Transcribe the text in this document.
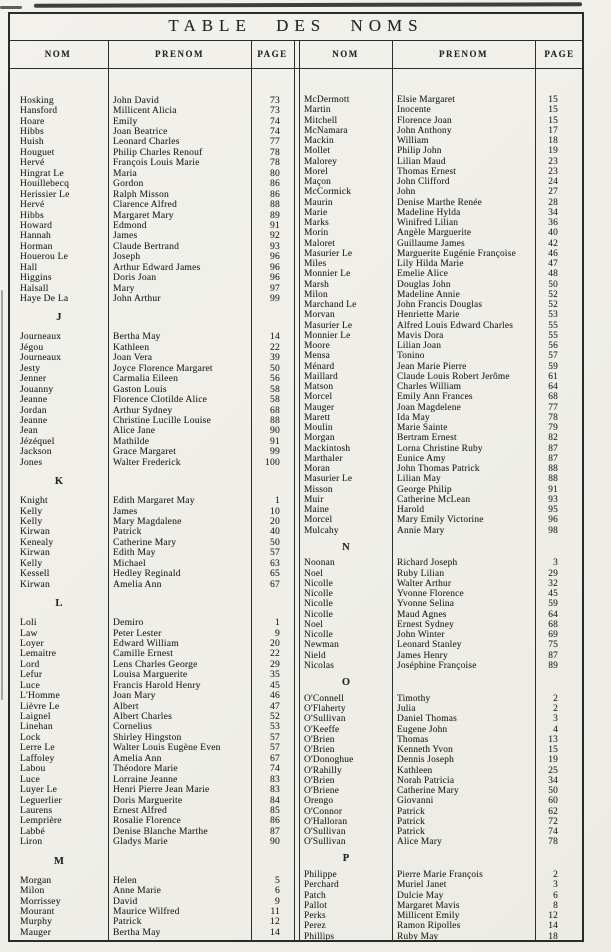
TABLE DES NOMS
NOM	PRENOM	PAGE	NOM	PRENOM	PAGE
Hosking	John David	73
Hansford	Millicent Alicia	73
Hoare	Emily	74
Hibbs	Joan Beatrice	74
Huish	Leonard Charles	77
Houguet	Philip Charles Renouf	78
Hervé	François Louis Marie	78
Hingrat Le	Maria	80
Houillebecq	Gordon	86
Herissier Le	Ralph Misson	86
Hervé	Clarence Alfred	88
Hibbs	Margaret Mary	89
Howard	Edmond	91
Hannah	James	92
Horman	Claude Bertrand	93
Houerou Le	Joseph	96
Hall	Arthur Edward James	96
Higgins	Doris Joan	96
Halsall	Mary	97
Haye De La	John Arthur	99
J
Journeaux	Bertha May	14
Jégou	Kathleen	22
Journeaux	Joan Vera	39
Jesty	Joyce Florence Margaret	50
Jenner	Carmalia Eileen	56
Jouanny	Gaston Louis	58
Jeanne	Florence Clotilde Alice	58
Jordan	Arthur Sydney	68
Jeanne	Christine Lucille Louise	88
Jean	Alice Jane	90
Jézéquel	Mathilde	91
Jackson	Grace Margaret	99
Jones	Walter Frederick	100
K
Knight	Edith Margaret May	1
Kelly	James	10
Kelly	Mary Magdalene	20
Kirwan	Patrick	40
Kenealy	Catherine Mary	50
Kirwan	Edith May	57
Kelly	Michael	63
Kessell	Hedley Reginald	65
Kirwan	Amelia Ann	67
L
Loli	Demiro	1
Law	Peter Lester	9
Loyer	Edward William	20
Lemaitre	Camille Ernest	22
Lord	Lens Charles George	29
Lefur	Louisa Marguerite	35
Luce	Francis Harold Henry	45
L'Homme	Joan Mary	46
Lièvre Le	Albert	47
Laignel	Albert Charles	52
Linehan	Cornelius	53
Lock	Shirley Hingston	57
Lerre Le	Walter Louis Eugène Even	57
Laffoley	Amelia Ann	67
Labou	Théodore Marie	74
Luce	Lorraine Jeanne	83
Luyer Le	Henri Pierre Jean Marie	83
Leguerlier	Doris Marguerite	84
Laurens	Ernest Alfred	85
Lemprière	Rosalie Florence	86
Labbé	Denise Blanche Marthe	87
Liron	Gladys Marie	90
M
Morgan	Helen	5
Milon	Anne Marie	6
Morrissey	David	9
Mourant	Maurice Wilfred	11
Murphy	Patrick	12
Mauger	Bertha May	14
McDermott	Elsie Margaret	15
Martin	Inocente	15
Mitchell	Florence Joan	15
McNamara	John Anthony	17
Mackin	William	18
Mollet	Philip John	19
Malorey	Lilian Maud	23
Morel	Thomas Ernest	23
Maçon	John Clifford	24
McCormick	John	27
Maurin	Denise Marthe Renée	28
Marie	Madeline Hylda	34
Marks	Winifred Lilian	36
Morin	Angèle Marguerite	40
Maloret	Guillaume James	42
Masurier Le	Marguerite Eugénie Françoise	46
Miles	Lily Hilda Marie	47
Monnier Le	Emelie Alice	48
Marsh	Douglas John	50
Milon	Madeline Annie	52
Marchand Le	John Francis Douglas	52
Morvan	Henriette Marie	53
Masurier Le	Alfred Louis Edward Charles	55
Monnier Le	Mavis Dora	55
Moore	Lilian Joan	56
Mensa	Tonino	57
Ménard	Jean Marie Pierre	59
Maillard	Claude Louis Robert Jerôme	61
Matson	Charles William	64
Morcel	Emily Ann Frances	68
Mauger	Joan Magdelene	77
Marett	Ida May	78
Moulin	Marie Sainte	79
Morgan	Bertram Ernest	82
Mackintosh	Lorna Christine Ruby	87
Marthaler	Eunice Amy	87
Moran	John Thomas Patrick	88
Masurier Le	Lilian May	88
Misson	George Philip	91
Muir	Catherine McLean	93
Maine	Harold	95
Morcel	Mary Emily Victorine	96
Mulcahy	Annie Mary	98
N
Noonan	Richard Joseph	3
Noel	Ruby Lilian	29
Nicolle	Walter Arthur	32
Nicolle	Yvonne Florence	45
Nicolle	Yvonne Selina	59
Nicolle	Maud Agnes	64
Noel	Ernest Sydney	68
Nicolle	John Winter	69
Newman	Leonard Stanley	75
Nield	James Henry	87
Nicolas	Joséphine Françoise	89
O
O'Connell	Timothy	2
O'Flaherty	Julia	2
O'Sullivan	Daniel Thomas	3
O'Keeffe	Eugene John	4
O'Brien	Thomas	13
O'Brien	Kenneth Yvon	15
O'Donoghue	Dennis Joseph	19
O'Rahilly	Kathleen	25
O'Brien	Norah Patricia	34
O'Briene	Catherine Mary	50
Orengo	Giovanni	60
O'Connor	Patrick	62
O'Halloran	Patrick	72
O'Sullivan	Patrick	74
O'Sullivan	Alice Mary	78
P
Philippe	Pierre Marie François	2
Perchard	Muriel Janet	3
Patch	Dulcie May	6
Pallot	Margaret Mavis	8
Perks	Millicent Emily	12
Perez	Ramon Ripolles	14
Phillips	Ruby May	18
